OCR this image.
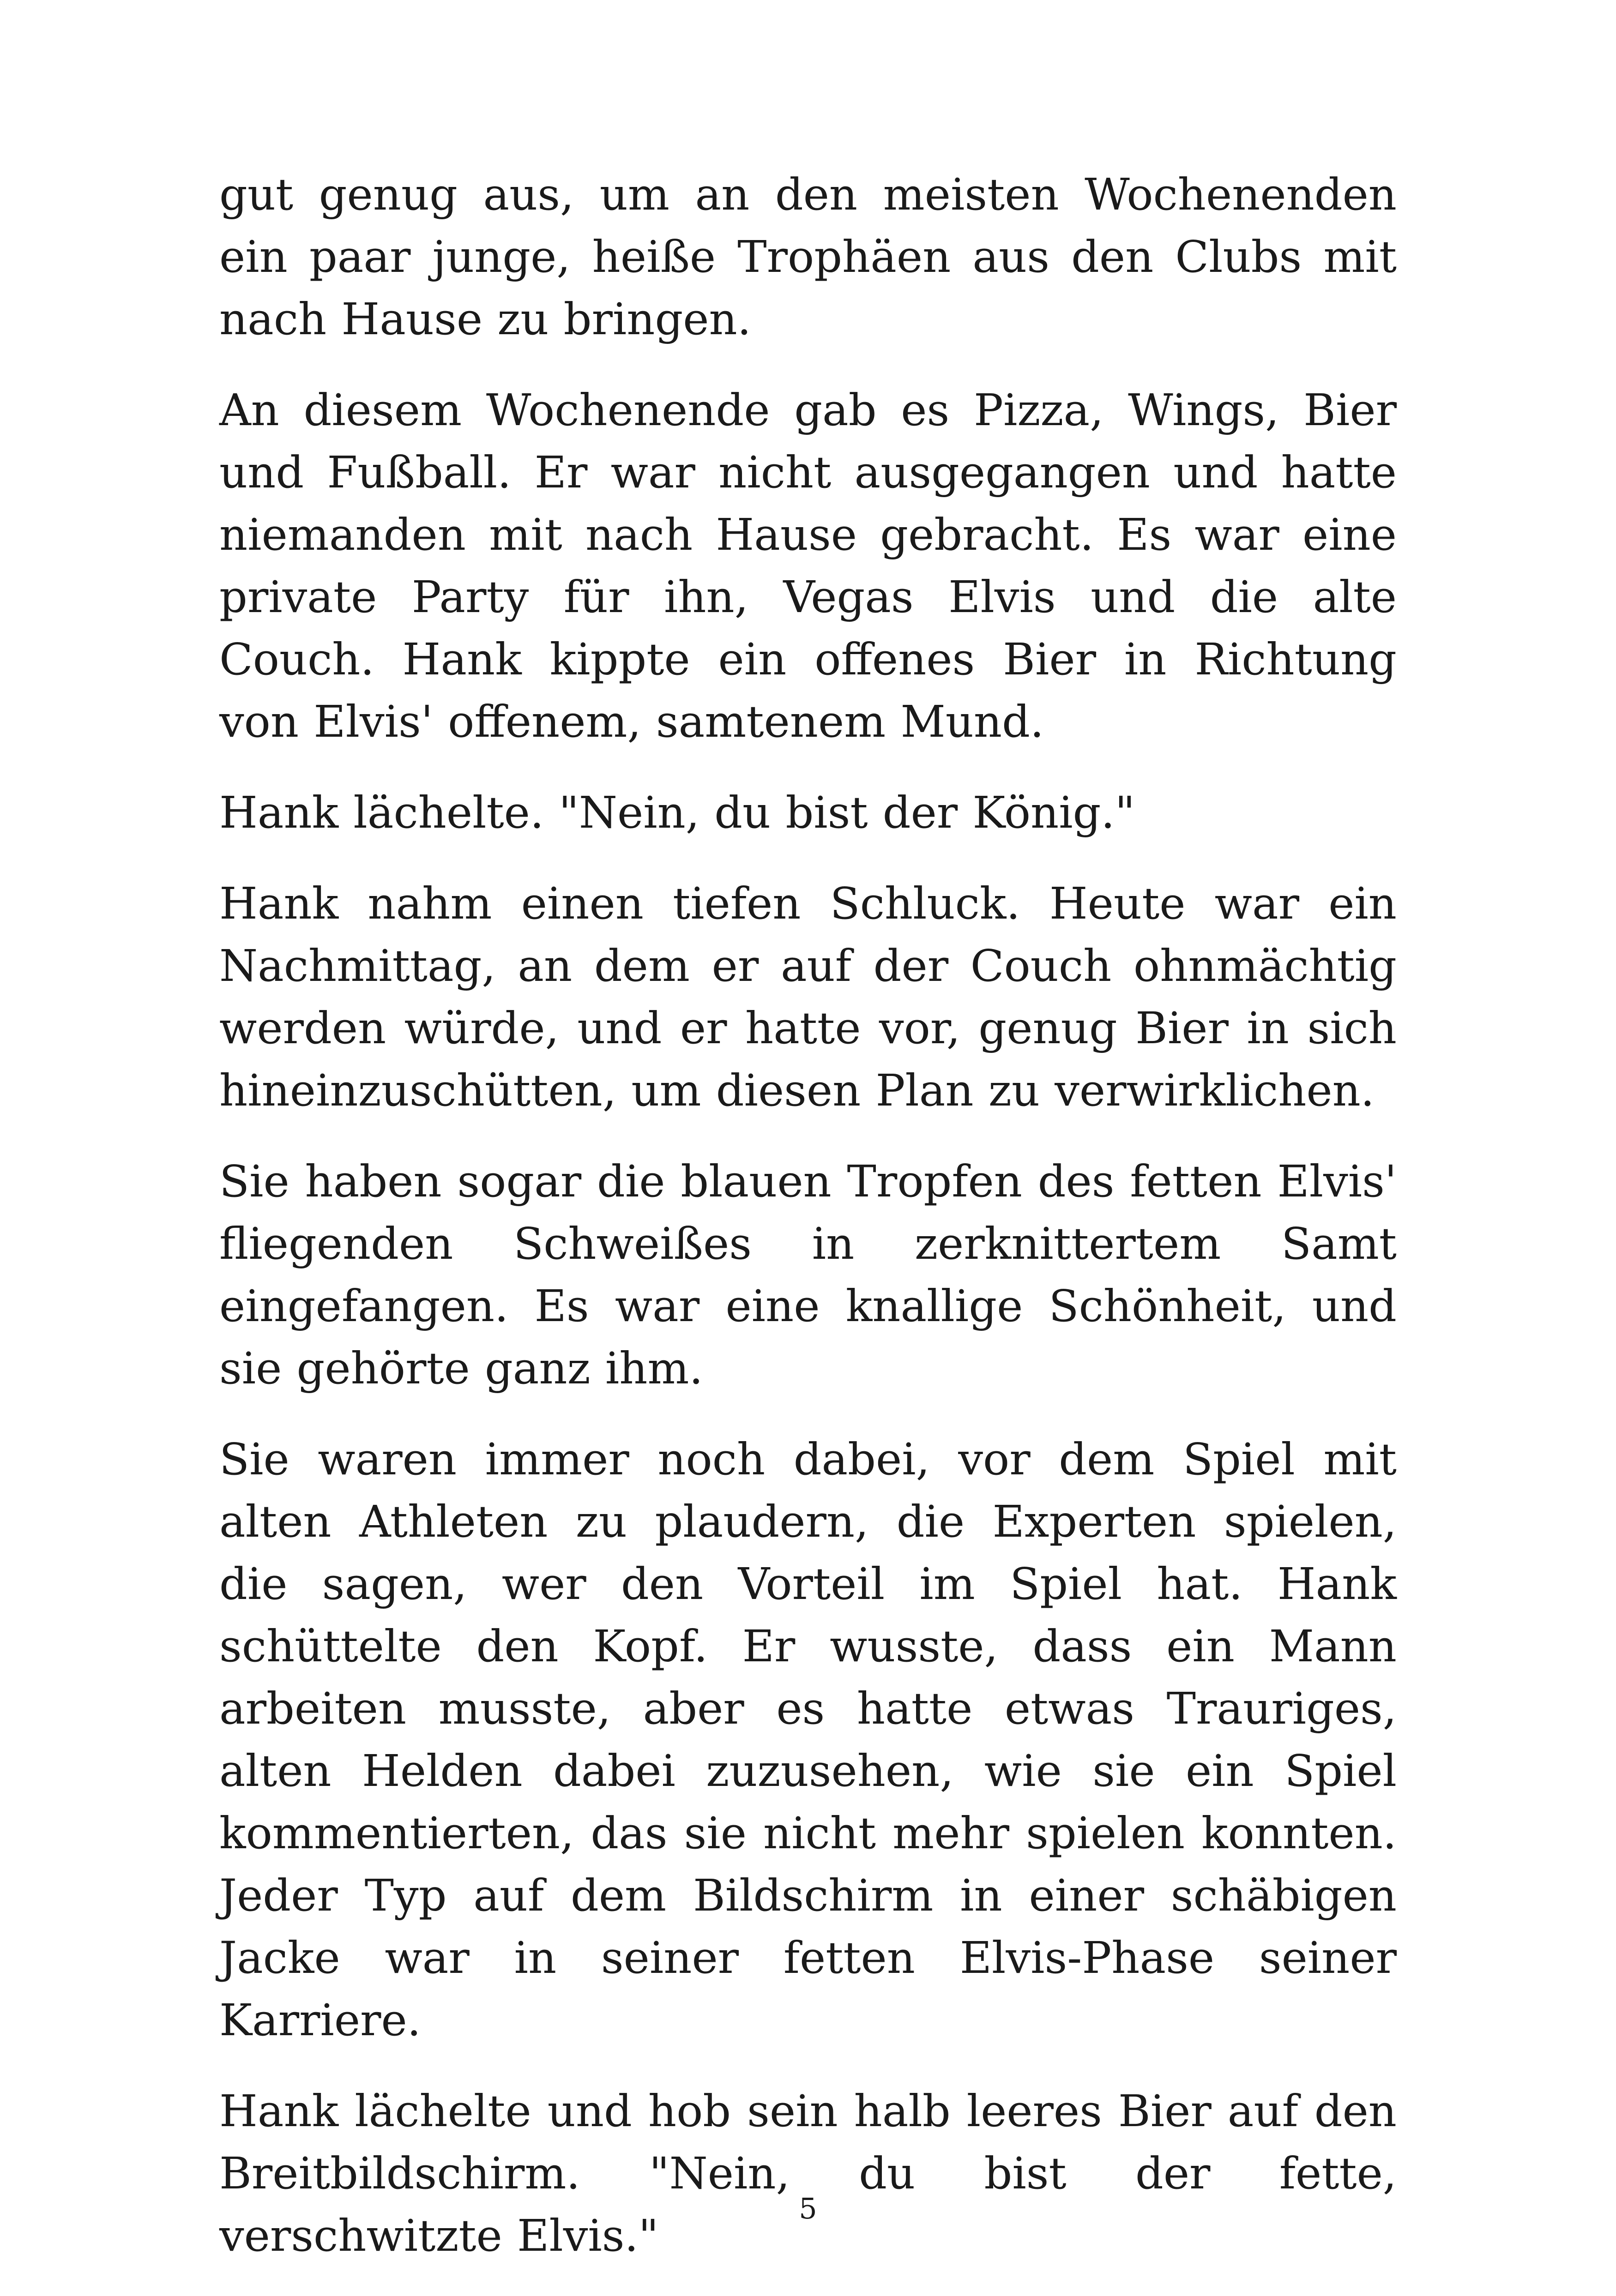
gut genug aus, um an den meisten Wochenenden ein paar junge, heiße Trophäen aus den Clubs mit nach Hause zu bringen.

An diesem Wochenende gab es Pizza, Wings, Bier und Fußball. Er war nicht ausgegangen und hatte niemanden mit nach Hause gebracht. Es war eine private Party für ihn, Vegas Elvis und die alte Couch. Hank kippte ein offenes Bier in Richtung von Elvis' offenem, samtenem Mund.

Hank lächelte. "Nein, du bist der König."

Hank nahm einen tiefen Schluck. Heute war ein Nachmittag, an dem er auf der Couch ohnmächtig werden würde, und er hatte vor, genug Bier in sich hineinzuschütten, um diesen Plan zu verwirklichen.

Sie haben sogar die blauen Tropfen des fetten Elvis' fliegenden Schweißes in zerknittertem Samt eingefangen. Es war eine knallige Schönheit, und sie gehörte ganz ihm.

Sie waren immer noch dabei, vor dem Spiel mit alten Athleten zu plaudern, die Experten spielen, die sagen, wer den Vorteil im Spiel hat. Hank schüttelte den Kopf. Er wusste, dass ein Mann arbeiten musste, aber es hatte etwas Trauriges, alten Helden dabei zuzusehen, wie sie ein Spiel kommentierten, das sie nicht mehr spielen konnten. Jeder Typ auf dem Bildschirm in einer schäbigen Jacke war in seiner fetten Elvis-Phase seiner Karriere.

Hank lächelte und hob sein halb leeres Bier auf den Breitbildschirm. "Nein, du bist der fette, verschwitzte Elvis."

5
